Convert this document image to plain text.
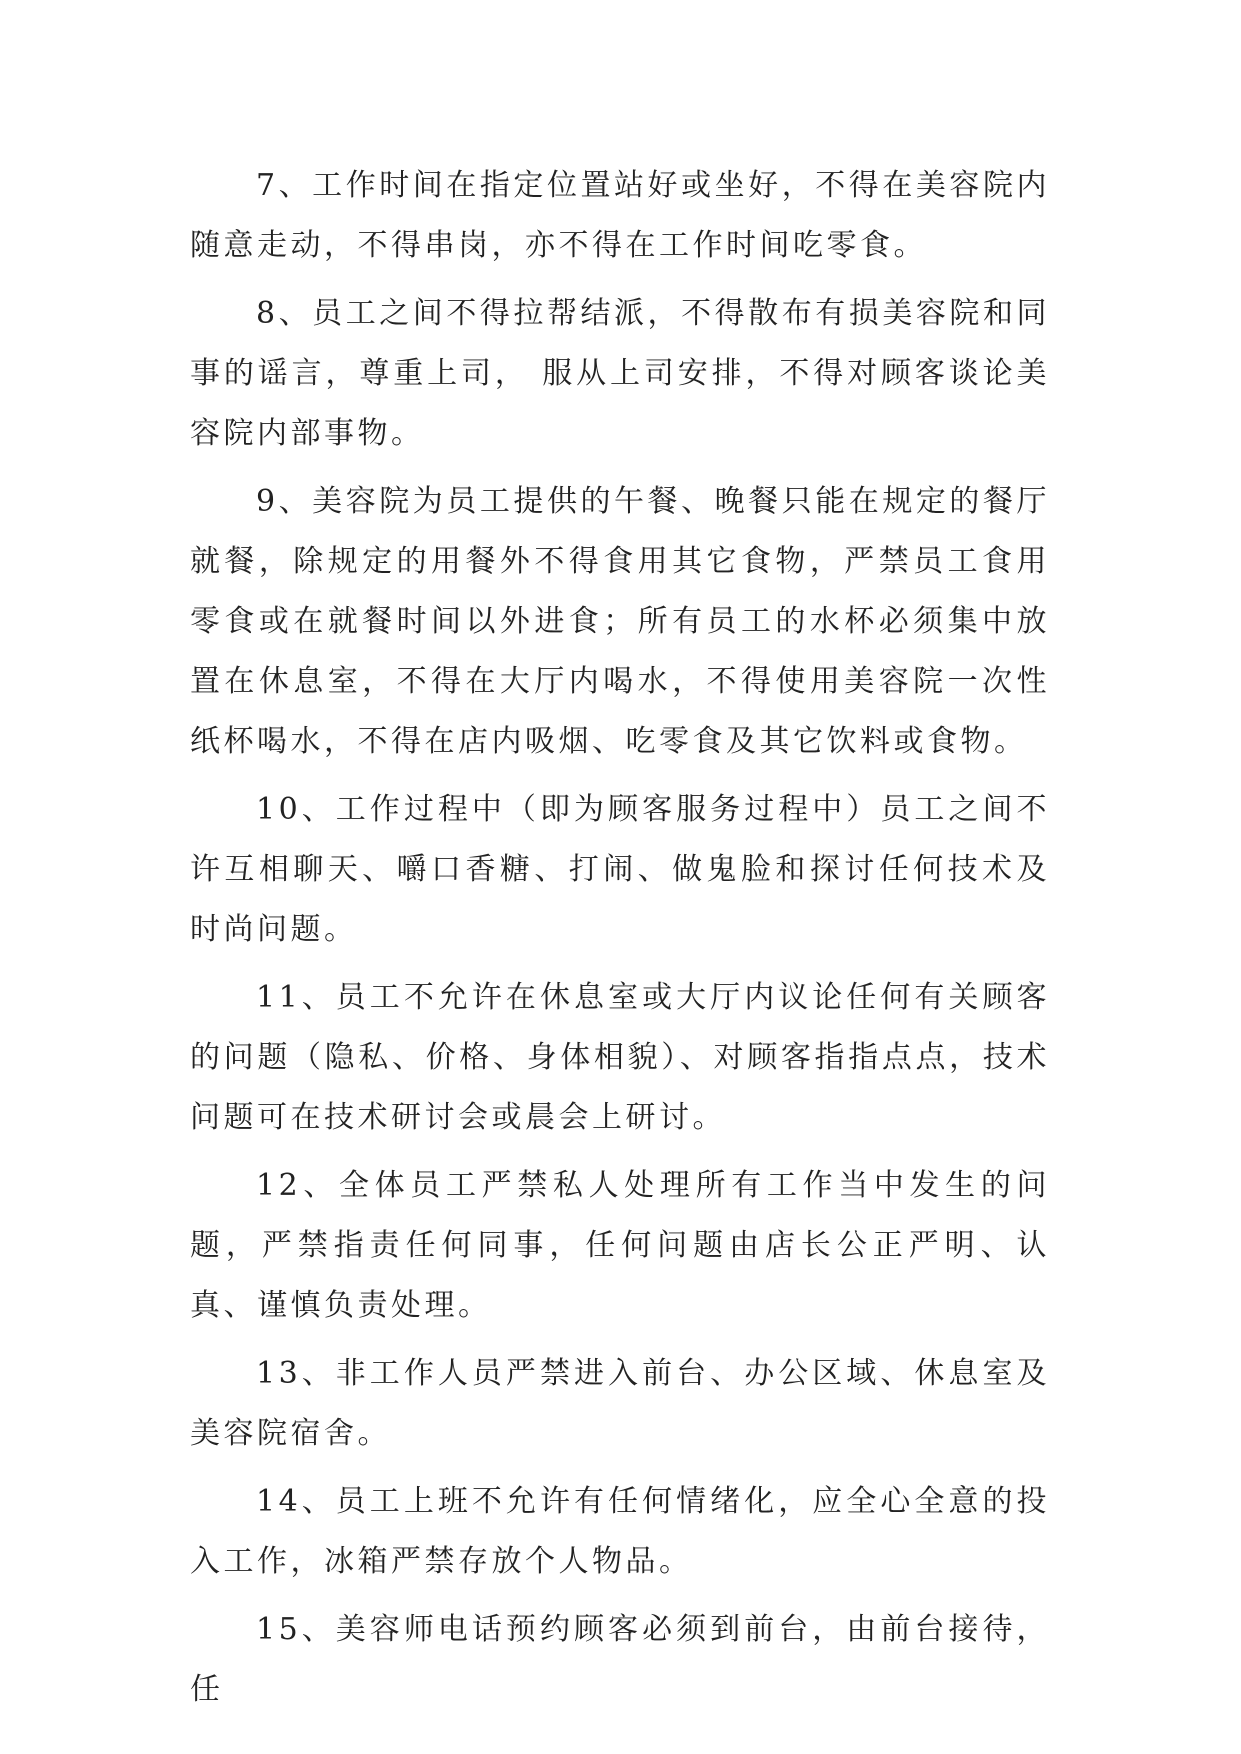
7、工作时间在指定位置站好或坐好，不得在美容院内随意走动，不得串岗，亦不得在工作时间吃零食。

8、员工之间不得拉帮结派，不得散布有损美容院和同事的谣言，尊重上司， 服从上司安排，不得对顾客谈论美容院内部事物。

9、美容院为员工提供的午餐、晚餐只能在规定的餐厅就餐，除规定的用餐外不得食用其它食物，严禁员工食用零食或在就餐时间以外进食；所有员工的水杯必须集中放置在休息室，不得在大厅内喝水，不得使用美容院一次性纸杯喝水，不得在店内吸烟、吃零食及其它饮料或食物。

10、工作过程中（即为顾客服务过程中）员工之间不许互相聊天、嚼口香糖、打闹、做鬼脸和探讨任何技术及时尚问题。

11、员工不允许在休息室或大厅内议论任何有关顾客的问题（隐私、价格、身体相貌）、对顾客指指点点，技术问题可在技术研讨会或晨会上研讨。

12、全体员工严禁私人处理所有工作当中发生的问题，严禁指责任何同事，任何问题由店长公正严明、认真、谨慎负责处理。

13、非工作人员严禁进入前台、办公区域、休息室及美容院宿舍。

14、员工上班不允许有任何情绪化，应全心全意的投入工作，冰箱严禁存放个人物品。

15、美容师电话预约顾客必须到前台，由前台接待，任
